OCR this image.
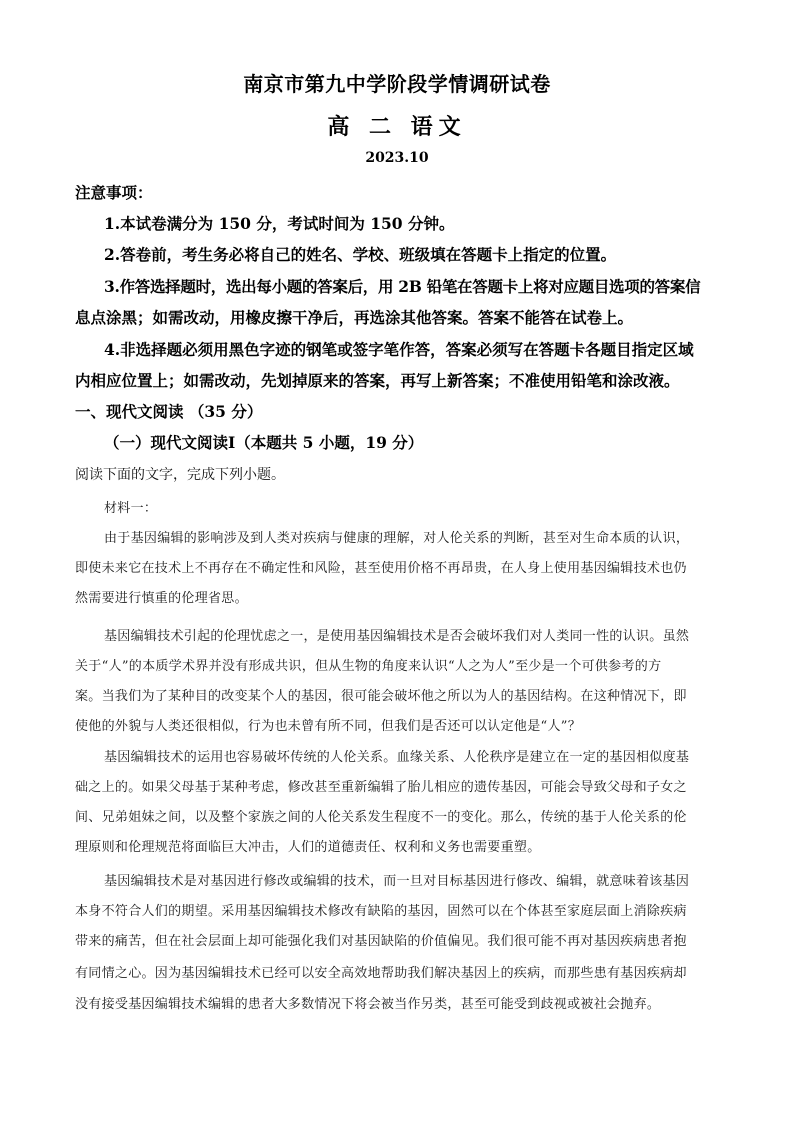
南京市第九中学阶段学情调研试卷
高 二 语文
2023.10
注意事项：
1.本试卷满分为 150 分，考试时间为 150 分钟。
2.答卷前，考生务必将自己的姓名、学校、班级填在答题卡上指定的位置。
3.作答选择题时，选出每小题的答案后，用 2B 铅笔在答题卡上将对应题目选项的答案信
息点涂黑；如需改动，用橡皮擦干净后，再选涂其他答案。答案不能答在试卷上。
4.非选择题必须用黑色字迹的钢笔或签字笔作答，答案必须写在答题卡各题目指定区域
内相应位置上；如需改动，先划掉原来的答案，再写上新答案；不准使用铅笔和涂改液。
一、现代文阅读 （35 分）
（一）现代文阅读Ⅰ（本题共 5 小题，19 分）
阅读下面的文字，完成下列小题。
材料一：
由于基因编辑的影响涉及到人类对疾病与健康的理解，对人伦关系的判断，甚至对生命本质的认识，
即使未来它在技术上不再存在不确定性和风险，甚至使用价格不再昂贵，在人身上使用基因编辑技术也仍
然需要进行慎重的伦理省思。
基因编辑技术引起的伦理忧虑之一，是使用基因编辑技术是否会破坏我们对人类同一性的认识。虽然
关于“人”的本质学术界并没有形成共识，但从生物的角度来认识“人之为人”至少是一个可供参考的方
案。当我们为了某种目的改变某个人的基因，很可能会破坏他之所以为人的基因结构。在这种情况下，即
使他的外貌与人类还很相似，行为也未曾有所不同，但我们是否还可以认定他是“人”？
基因编辑技术的运用也容易破坏传统的人伦关系。血缘关系、人伦秩序是建立在一定的基因相似度基
础之上的。如果父母基于某种考虑，修改甚至重新编辑了胎儿相应的遗传基因，可能会导致父母和子女之
间、兄弟姐妹之间，以及整个家族之间的人伦关系发生程度不一的变化。那么，传统的基于人伦关系的伦
理原则和伦理规范将面临巨大冲击，人们的道德责任、权利和义务也需要重塑。
基因编辑技术是对基因进行修改或编辑的技术，而一旦对目标基因进行修改、编辑，就意味着该基因
本身不符合人们的期望。采用基因编辑技术修改有缺陷的基因，固然可以在个体甚至家庭层面上消除疾病
带来的痛苦，但在社会层面上却可能强化我们对基因缺陷的价值偏见。我们很可能不再对基因疾病患者抱
有同情之心。因为基因编辑技术已经可以安全高效地帮助我们解决基因上的疾病，而那些患有基因疾病却
没有接受基因编辑技术编辑的患者大多数情况下将会被当作另类，甚至可能受到歧视或被社会抛弃。
